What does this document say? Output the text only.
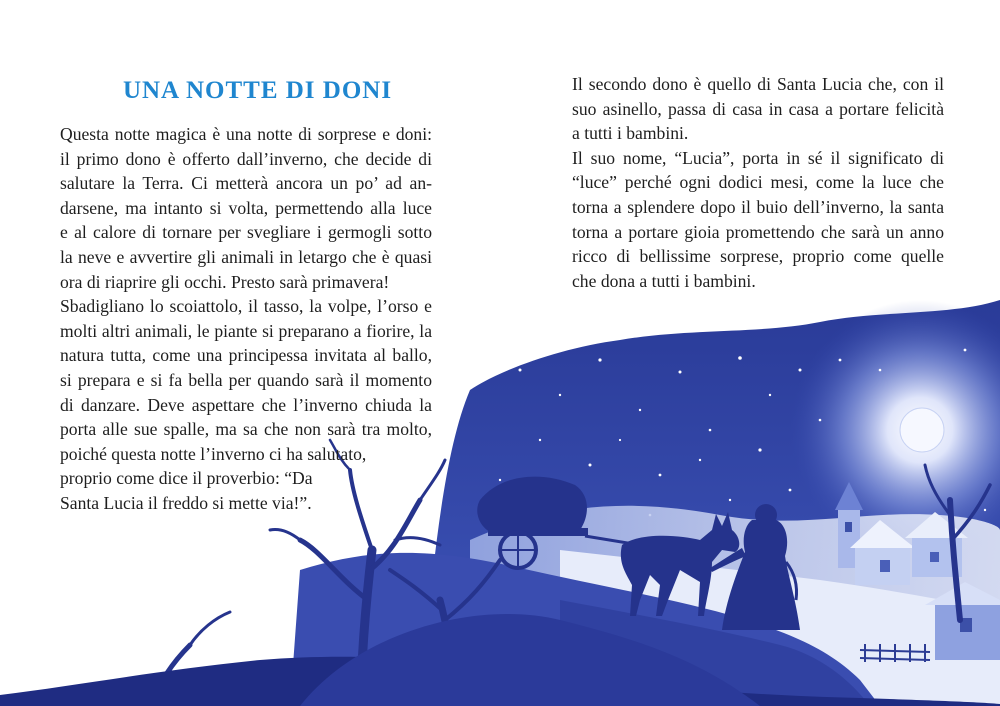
UNA NOTTE DI DONI
Questa notte magica è una notte di sorprese e doni:
il primo dono è offerto dall’inverno, che decide di
salutare la Terra. Ci metterà ancora un po’ ad an-
darsene, ma intanto si volta, permettendo alla luce
e al calore di tornare per svegliare i germogli sotto
la neve e avvertire gli animali in letargo che è quasi
ora di riaprire gli occhi. Presto sarà primavera!
Sbadigliano lo scoiattolo, il tasso, la volpe, l’orso e
molti altri animali, le piante si preparano a fiorire, la
natura tutta, come una principessa invitata al ballo,
si prepara e si fa bella per quando sarà il momento
di danzare. Deve aspettare che l’inverno chiuda la
porta alle sue spalle, ma sa che non sarà tra molto,
poiché questa notte l’inverno ci ha salutato,
proprio come dice il proverbio: “Da
Santa Lucia il freddo si mette via!”.
Il secondo dono è quello di Santa Lucia che, con il
suo asinello, passa di casa in casa a portare felicità
a tutti i bambini.
Il suo nome, “Lucia”, porta in sé il significato di
“luce” perché ogni dodici mesi, come la luce che
torna a splendere dopo il buio dell’inverno, la santa
torna a portare gioia promettendo che sarà un anno
ricco di bellissime sorprese, proprio come quelle
che dona a tutti i bambini.
